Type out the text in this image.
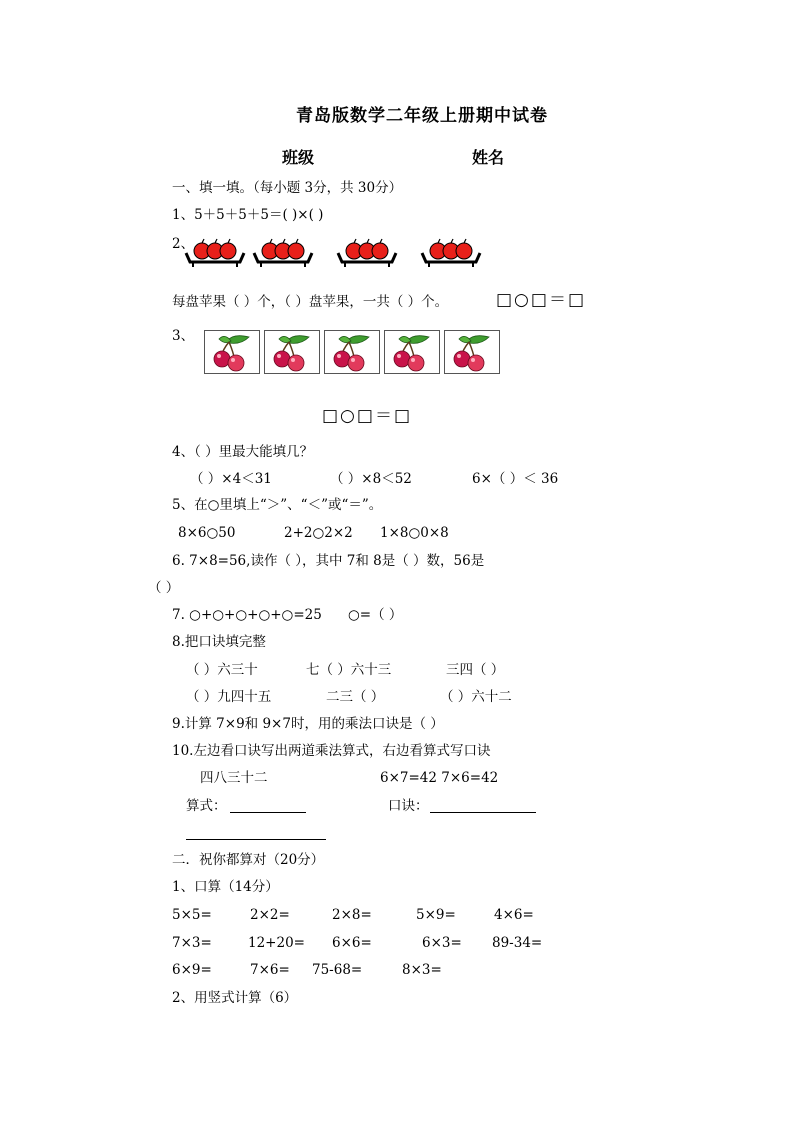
青岛版数学二年级上册期中试卷
班级	姓名
一、填一填。（每小题 3分，共 30分）
1、5＋5＋5＋5＝( )×( )
2、
每盘苹果（ ）个，（ ）盘苹果，一共（ ）个。	□○□＝□
3、
□○□＝□
4、（ ）里最大能填几？
（ ）×4＜31	（ ）×8＜52	6×（ ）＜ 36
5、在○里填上“＞”、“＜”或“＝”。
8×6○50	2+2○2×2 1×8○0×8
6. 7×8=56,读作（ ），其中 7和 8是（ ）数，56是
（ ）
7. ○+○+○+○+○=25 ○=（ ）
8.把口诀填完整
（ ）六三十	七（ ）六十三	三四（ ）
（ ）九四十五	二三（ ）	（ ）六十二
9.计算 7×9和 9×7时，用的乘法口诀是（ ）
10.左边看口诀写出两道乘法算式，右边看算式写口诀
四八三十二	6×7=42 7×6=42
算式：	口诀：
二．祝你都算对（20分）
1、口算（14分）
5×5=	2×2=	2×8=	5×9=	4×6=
7×3=	12+20= 6×6=	6×3= 89-34=
6×9=	7×6= 75-68=	8×3=
2、用竖式计算（6）
